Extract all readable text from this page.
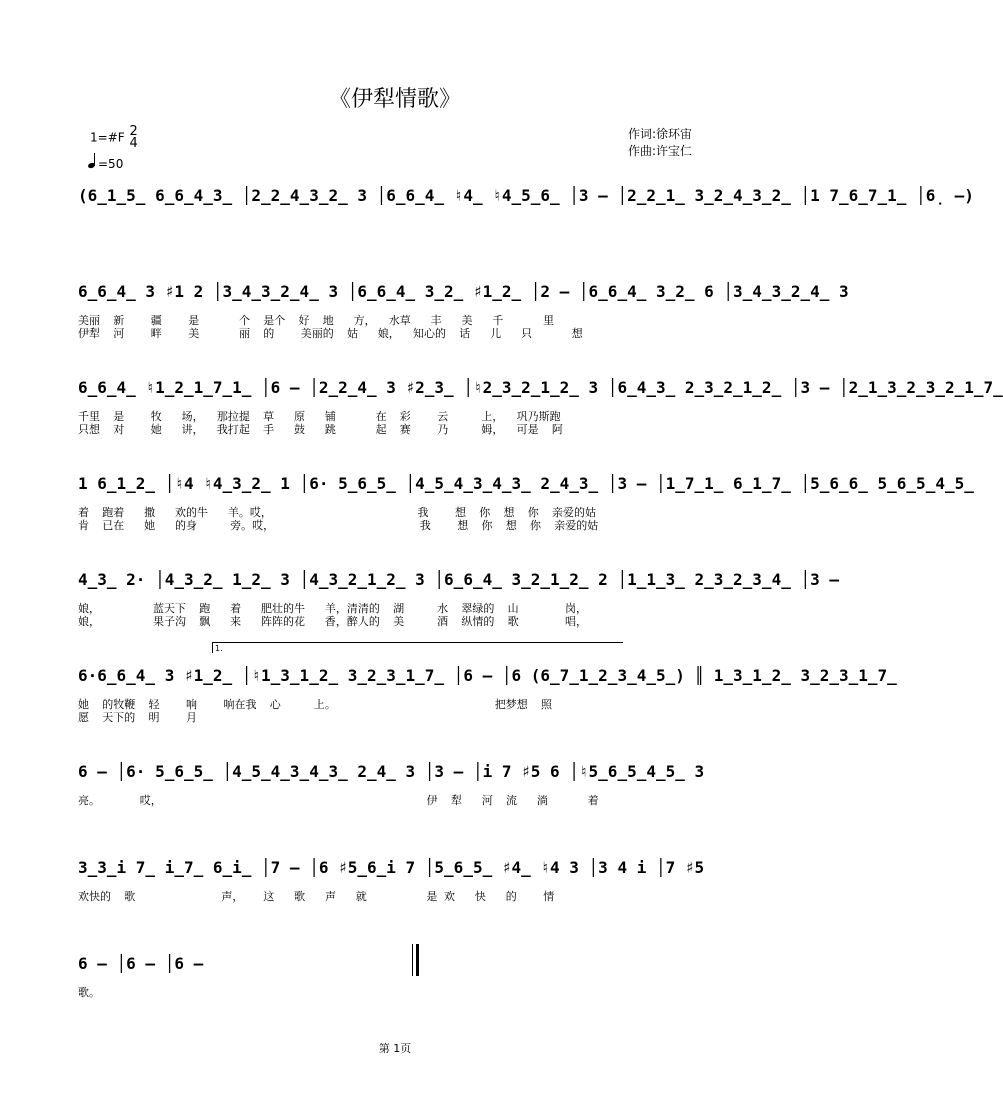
《伊犁情歌》
1=#F 2
4
=50
作词:徐环宙
作曲:许宝仁
(6̲1̲5̲ 6̲6̲4̲3̲ │2̲2̲4̲3̲2̲ 3 │6̲6̲4̲ ♮4̲ ♮4̲5̲6̲ │3 – │2̲2̲1̲ 3̲2̲4̲3̲2̲ │1 7̲6̲7̲1̲ │6̣ –)
6̲6̲4̲ 3 ♯1 2 │3̲4̲3̲2̲4̲ 3 │6̲6̲4̲ 3̲2̲ ♯1̲2̲ │2 – │6̲6̲4̲ 3̲2̲ 6 │3̲4̲3̲2̲4̲ 3
美丽  新    疆    是      个  是个  好  地   方，  水草   丰   美   千      里
伊犁  河    畔    美      丽  的    美丽的  姑   娘，  知心的  话   儿   只      想
6̲6̲4̲ ♮1̲2̲1̲7̲1̲ │6 – │2̲2̲4̲ 3 ♯2̲3̲ │♮2̲3̲2̲1̲2̲ 3 │6̲4̲3̲ 2̲3̲2̲1̲2̲ │3 – │2̲1̲3̲2̲3̲2̲1̲7̲
千里  是    牧   场，  那拉提  草   原   铺      在  彩    云     上，  巩乃斯跑
只想  对    她   讲，  我打起  手   鼓   跳      起  赛    乃     姆，  可是  阿
1 6̲1̲2̲ │♮4 ♮4̲3̲2̲ 1 │6· 5̲6̲5̲ │4̲5̲4̲3̲4̲3̲ 2̲4̲3̲ │3 – │1̲7̲1̲ 6̲1̲7̲ │5̲6̲6̲ 5̲6̲5̲4̲5̲
着  跑着   撒   欢的牛   羊。哎，                      我    想  你  想  你  亲爱的姑
肯  已在   她   的身     旁。哎，                      我    想  你  想  你  亲爱的姑
4̲3̲ 2· │4̲3̲2̲ 1̲2̲ 3 │4̲3̲2̲1̲2̲ 3 │6̲6̲4̲ 3̲2̲1̲2̲ 2 │1̲1̲3̲ 2̲3̲2̲3̲4̲ │3 –
娘，        蓝天下  跑   着   肥壮的牛   羊，清清的  湖     水  翠绿的  山       岗，
娘，        果子沟  飘   来   阵阵的花   香，醉人的  美     酒  纵情的  歌       唱，
1.
6·6̲6̲4̲ 3 ♯1̲2̲ │♮1̲3̲1̲2̲ 3̲2̲3̲1̲7̲ │6 – │6 (6̲7̲1̲2̲3̲4̲5̲) ║ 1̲3̲1̲2̲ 3̲2̲3̲1̲7̲
她  的牧鞭  轻    响    响在我  心     上。                        把梦想  照
愿  天下的  明    月
6 – │6· 5̲6̲5̲ │4̲5̲4̲3̲4̲3̲ 2̲4̲ 3 │3 – │i 7 ♯5 6 │♮5̲6̲5̲4̲5̲ 3
亮。      哎，                                        伊  犁   河  流   淌      着
3̲3̲i 7̲ i̲7̲ 6̲i̲ │7 – │6 ♯5̲6̲i 7 │5̲6̲5̲ ♯4̲ ♮4 3 │3 4 i │7 ♯5
欢快的  歌             声，   这   歌   声   就         是 欢   快   的    情
6 – │6 – │6 –
歌。
第 1页
